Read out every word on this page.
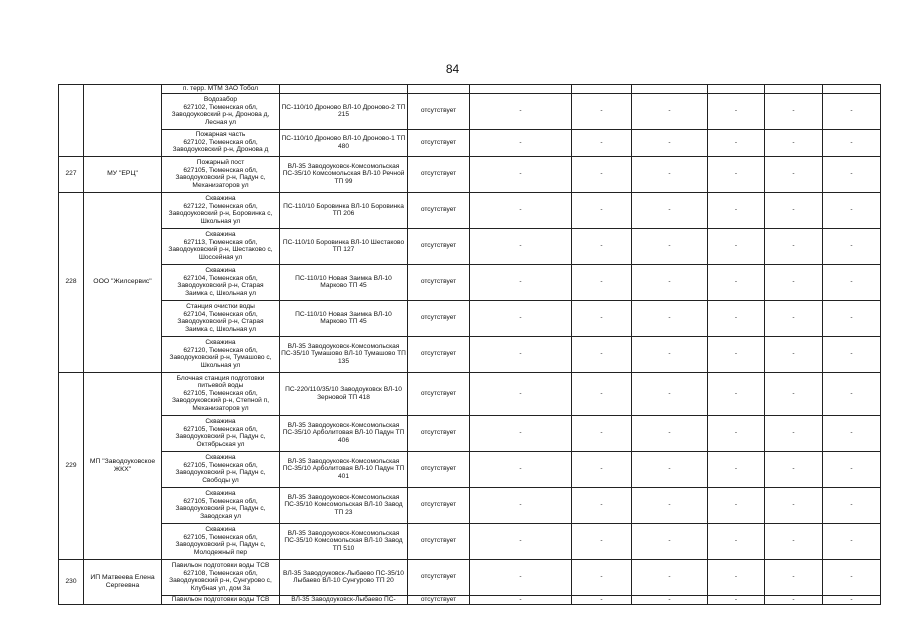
84
		п. терр. МТМ ЗАО Тобол								
		Водозабор
627102, Тюменская обл,
Заводоуковский р-н, Дронова д,
Лесная ул	ПС-110/10 Дроново ВЛ-10 Дроново-2 ТП 215	отсутствует	-	-	-	-	-	-
		Пожарная часть
627102, Тюменская обл,
Заводоуковский р-н, Дронова д	ПС-110/10 Дроново ВЛ-10 Дроново-1 ТП 480	отсутствует	-	-	-	-	-	-
227	МУ "ЕРЦ"	Пожарный пост
627105, Тюменская обл,
Заводоуковский р-н, Падун с,
Механизаторов ул	ВЛ-35 Заводоуковск-Комсомольская ПС-35/10 Комсомольская ВЛ-10 Речной ТП 99	отсутствует	-	-	-	-	-	-
228	ООО "Жилсервис"	Скважина
627122, Тюменская обл,
Заводоуковский р-н, Боровинка с,
Школьная ул	ПС-110/10 Боровинка ВЛ-10 Боровинка ТП 206	отсутствует	-	-	-	-	-	-
		Скважина
627113, Тюменская обл,
Заводоуковский р-н, Шестаково с,
Шоссейная ул	ПС-110/10 Боровинка ВЛ-10 Шестаково ТП 127	отсутствует	-	-	-	-	-	-
		Скважина
627104, Тюменская обл,
Заводоуковский р-н, Старая
Заимка с, Школьная ул	ПС-110/10 Новая Заимка ВЛ-10 Марково ТП 45	отсутствует	-	-	-	-	-	-
		Станция очистки воды
627104, Тюменская обл,
Заводоуковский р-н, Старая
Заимка с, Школьная ул	ПС-110/10 Новая Заимка ВЛ-10 Марково ТП 45	отсутствует	-	-	-	-	-	-
		Скважина
627120, Тюменская обл,
Заводоуковский р-н, Тумашово с,
Школьная ул	ВЛ-35 Заводоуковск-Комсомольская ПС-35/10 Тумашово ВЛ-10 Тумашово ТП 135	отсутствует	-	-	-	-	-	-
229	МП "Заводоуковское ЖКХ"	Блочная станция подготовки
питьевой воды
627105, Тюменская обл,
Заводоуковский р-н, Степной п,
Механизаторов ул	ПС-220/110/35/10 Заводоуковск ВЛ-10 Зерновой ТП 418	отсутствует	-	-	-	-	-	-
		Скважина
627105, Тюменская обл,
Заводоуковский р-н, Падун с,
Октябрьская ул	ВЛ-35 Заводоуковск-Комсомольская ПС-35/10 Арболитовая ВЛ-10 Падун ТП 406	отсутствует	-	-	-	-	-	-
		Скважина
627105, Тюменская обл,
Заводоуковский р-н, Падун с,
Свободы ул	ВЛ-35 Заводоуковск-Комсомольская ПС-35/10 Арболитовая ВЛ-10 Падун ТП 401	отсутствует	-	-	-	-	-	-
		Скважина
627105, Тюменская обл,
Заводоуковский р-н, Падун с,
Заводская ул	ВЛ-35 Заводоуковск-Комсомольская ПС-35/10 Комсомольская ВЛ-10 Завод ТП 23	отсутствует	-	-	-	-	-	-
		Скважина
627105, Тюменская обл,
Заводоуковский р-н, Падун с,
Молодежный пер	ВЛ-35 Заводоуковск-Комсомольская ПС-35/10 Комсомольская ВЛ-10 Завод ТП 510	отсутствует	-	-	-	-	-	-
230	ИП Матвеева Елена Сергеевна	Павильон подготовки воды ТСВ
627108, Тюменская обл,
Заводоуковский р-н, Сунгурово с,
Клубная ул, дом 3а	ВЛ-35 Заводоуковск-Лыбаево ПС-35/10 Лыбаево ВЛ-10 Сунгурово ТП 20	отсутствует	-	-	-	-	-	-
		Павильон подготовки воды ТСВ	ВЛ-35 Заводоуковск-Лыбаево ПС-	отсутствует	-	-	-	-	-	-
